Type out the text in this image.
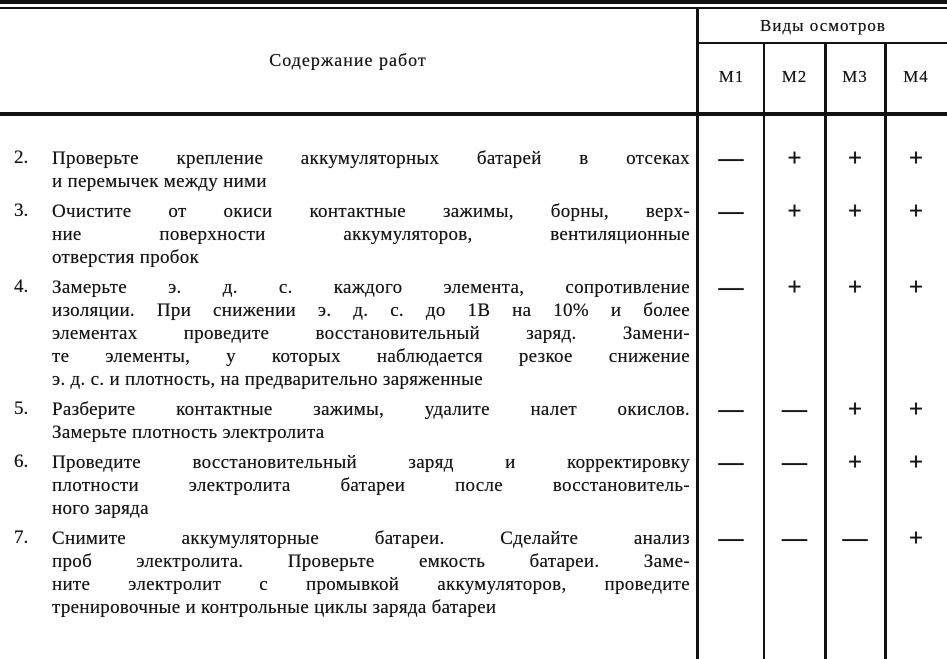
Содержание работ
Виды осмотров
М1	М2	М3	М4
2. Проверьте крепление аккумуляторных батарей в отсеках
и перемычек между ними
—	+	+	+
3. Очистите от окиси контактные зажимы, борны, верх-
ние поверхности аккумуляторов, вентиляционные
отверстия пробок
—	+	+	+
4. Замерьте э. д. с. каждого элемента, сопротивление
изоляции. При снижении э. д. с. до 1В на 10% и более
элементах проведите восстановительный заряд. Замени-
те элементы, у которых наблюдается резкое снижение
э. д. с. и плотность, на предварительно заряженные
—	+	+	+
5. Разберите контактные зажимы, удалите налет окислов.
Замерьте плотность электролита
—	—	+	+
6. Проведите восстановительный заряд и корректировку
плотности электролита батареи после восстановитель-
ного заряда
—	—	+	+
7. Снимите аккумуляторные батареи. Сделайте анализ
проб электролита. Проверьте емкость батареи. Заме-
ните электролит с промывкой аккумуляторов, проведите
тренировочные и контрольные циклы заряда батареи
—	—	—	+
